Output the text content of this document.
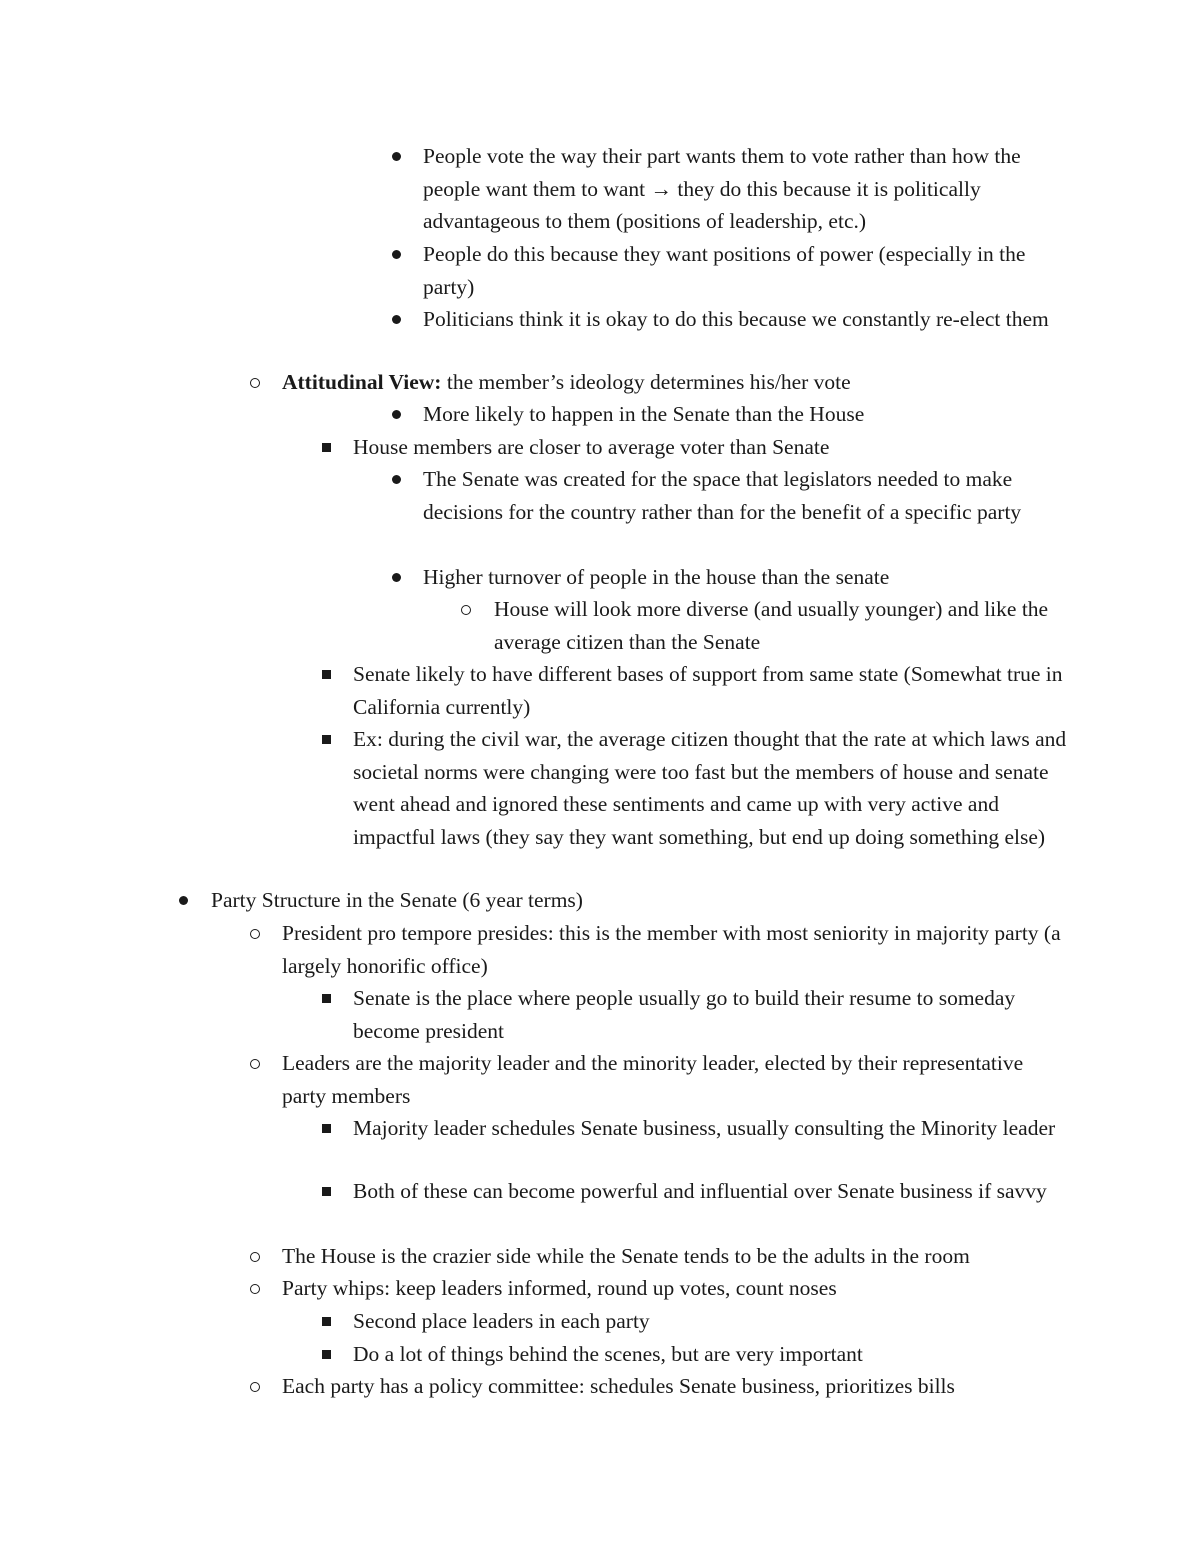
People vote the way their part wants them to vote rather than how the people want them to want → they do this because it is politically advantageous to them (positions of leadership, etc.)
People do this because they want positions of power (especially in the party)
Politicians think it is okay to do this because we constantly re-elect them
Attitudinal View: the member’s ideology determines his/her vote
More likely to happen in the Senate than the House
House members are closer to average voter than Senate
The Senate was created for the space that legislators needed to make decisions for the country rather than for the benefit of a specific party
Higher turnover of people in the house than the senate
House will look more diverse (and usually younger) and like the average citizen than the Senate
Senate likely to have different bases of support from same state (Somewhat true in California currently)
Ex: during the civil war, the average citizen thought that the rate at which laws and societal norms were changing were too fast but the members of house and senate went ahead and ignored these sentiments and came up with very active and impactful laws (they say they want something, but end up doing something else)
Party Structure in the Senate (6 year terms)
President pro tempore presides: this is the member with most seniority in majority party (a largely honorific office)
Senate is the place where people usually go to build their resume to someday become president
Leaders are the majority leader and the minority leader, elected by their representative party members
Majority leader schedules Senate business, usually consulting the Minority leader
Both of these can become powerful and influential over Senate business if savvy
The House is the crazier side while the Senate tends to be the adults in the room
Party whips: keep leaders informed, round up votes, count noses
Second place leaders in each party
Do a lot of things behind the scenes, but are very important
Each party has a policy committee: schedules Senate business, prioritizes bills
